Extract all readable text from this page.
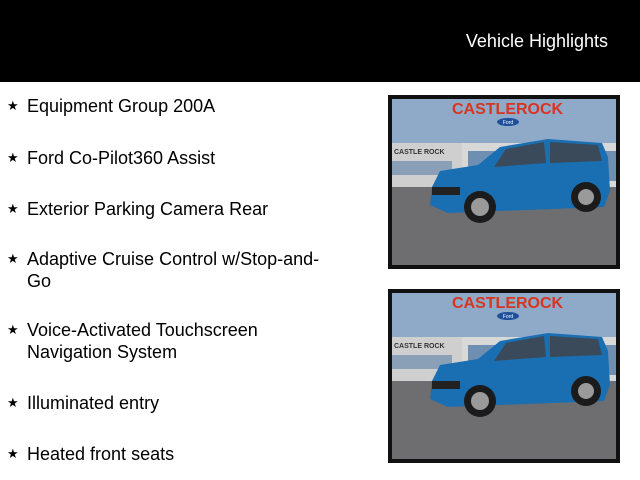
Vehicle Highlights
★ Equipment Group 200A
★ Ford Co-Pilot360 Assist
★ Exterior Parking Camera Rear
★ Adaptive Cruise Control w/Stop-and-Go
★ Voice-Activated Touchscreen Navigation System
★ Illuminated entry
★ Heated front seats
CASTLEROCK
Ford
CASTLE ROCK
CASTLEROCK
Ford
CASTLE ROCK
